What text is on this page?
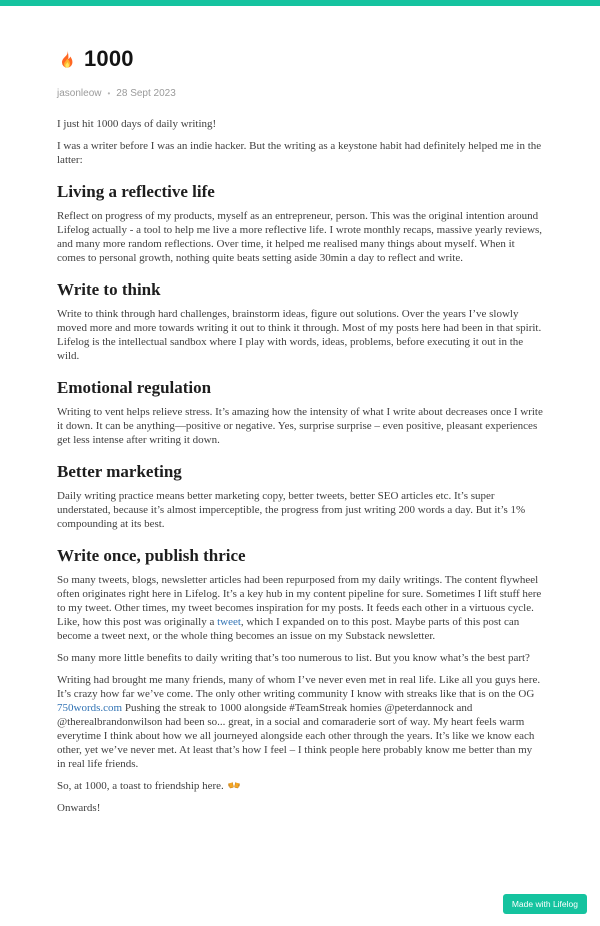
1000
jasonleow • 28 Sept 2023

I just hit 1000 days of daily writing!

I was a writer before I was an indie hacker. But the writing as a keystone habit had definitely helped me in the latter:

Living a reflective life

Reflect on progress of my products, myself as an entrepreneur, person. This was the original intention around Lifelog actually - a tool to help me live a more reflective life. I wrote monthly recaps, massive yearly reviews, and many more random reflections. Over time, it helped me realised many things about myself. When it comes to personal growth, nothing quite beats setting aside 30min a day to reflect and write.

Write to think

Write to think through hard challenges, brainstorm ideas, figure out solutions. Over the years I’ve slowly moved more and more towards writing it out to think it through. Most of my posts here had been in that spirit. Lifelog is the intellectual sandbox where I play with words, ideas, problems, before executing it out in the wild.

Emotional regulation

Writing to vent helps relieve stress. It’s amazing how the intensity of what I write about decreases once I write it down. It can be anything—positive or negative. Yes, surprise surprise – even positive, pleasant experiences get less intense after writing it down.

Better marketing

Daily writing practice means better marketing copy, better tweets, better SEO articles etc. It’s super understated, because it’s almost imperceptible, the progress from just writing 200 words a day. But it’s 1% compounding at its best.

Write once, publish thrice

So many tweets, blogs, newsletter articles had been repurposed from my daily writings. The content flywheel often originates right here in Lifelog. It’s a key hub in my content pipeline for sure. Sometimes I lift stuff here to my tweet. Other times, my tweet becomes inspiration for my posts. It feeds each other in a virtuous cycle. Like, how this post was originally a tweet, which I expanded on to this post. Maybe parts of this post can become a tweet next, or the whole thing becomes an issue on my Substack newsletter.

So many more little benefits to daily writing that’s too numerous to list. But you know what’s the best part?

Writing had brought me many friends, many of whom I’ve never even met in real life. Like all you guys here. It’s crazy how far we’ve come. The only other writing community I know with streaks like that is on the OG 750words.com Pushing the streak to 1000 alongside #TeamStreak homies @peterdannock and @therealbrandonwilson had been so... great, in a social and comaraderie sort of way. My heart feels warm everytime I think about how we all journeyed alongside each other through the years. It’s like we know each other, yet we’ve never met. At least that’s how I feel – I think people here probably know me better than my in real life friends.

So, at 1000, a toast to friendship here.

Onwards!

Made with Lifelog
